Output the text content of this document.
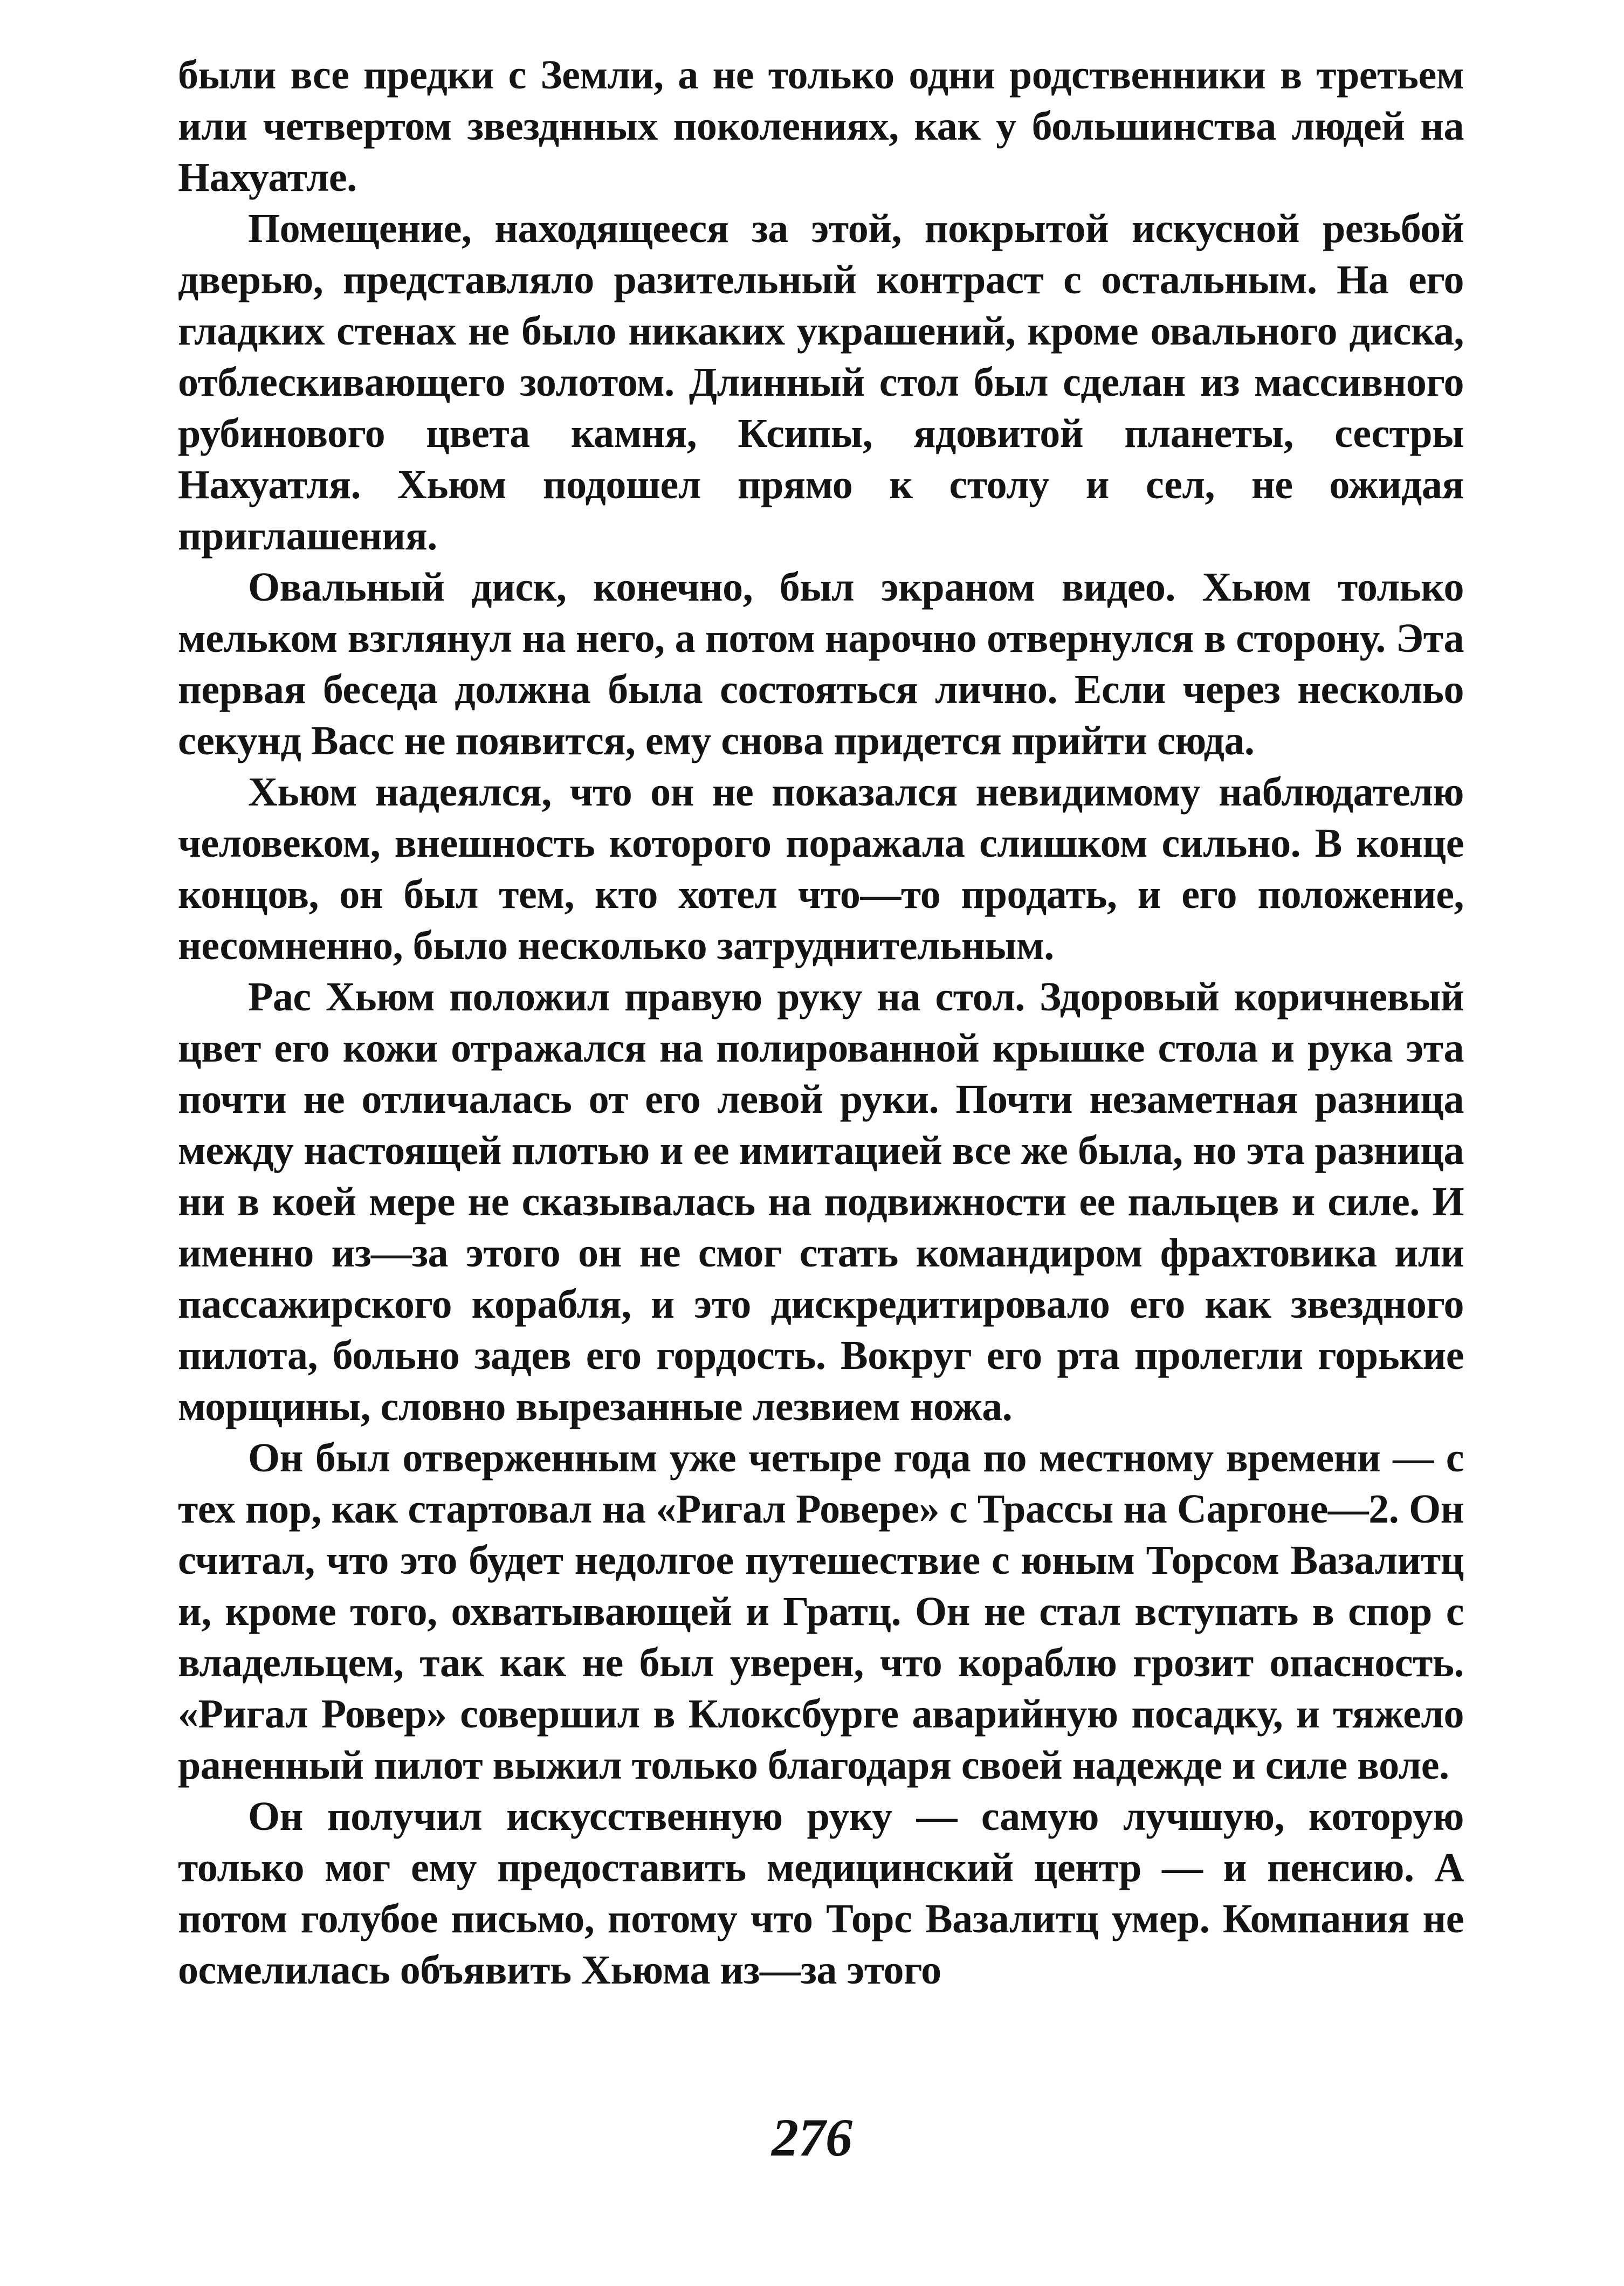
были все предки с Земли, а не только одни родственники в третьем или четвертом звезднных поколениях, как у большинства людей на Нахуатле.

Помещение, находящееся за этой, покрытой искусной резьбой дверью, представляло разительный контраст с остальным. На его гладких стенах не было никаких украшений, кроме овального диска, отблескивающего золотом. Длинный стол был сделан из массивного рубинового цвета камня, Ксипы, ядовитой планеты, сестры Нахуатля. Хьюм подошел прямо к столу и сел, не ожидая приглашения.

Овальный диск, конечно, был экраном видео. Хьюм только мельком взглянул на него, а потом нарочно отвернулся в сторону. Эта первая беседа должна была состояться лично. Если через нескольо секунд Васс не появится, ему снова придется прийти сюда.

Хьюм надеялся, что он не показался невидимому наблюдателю человеком, внешность которого поражала слишком сильно. В конце концов, он был тем, кто хотел что—то продать, и его положение, несомненно, было несколько затруднительным.

Рас Хьюм положил правую руку на стол. Здоровый коричневый цвет его кожи отражался на полированной крышке стола и рука эта почти не отличалась от его левой руки. Почти незаметная разница между настоящей плотью и ее имитацией все же была, но эта разница ни в коей мере не сказывалась на подвижности ее пальцев и силе. И именно из—за этого он не смог стать командиром фрахтовика или пассажирского корабля, и это дискредитировало его как звездного пилота, больно задев его гордость. Вокруг его рта пролегли горькие морщины, словно вырезанные лезвием ножа.

Он был отверженным уже четыре года по местному времени — с тех пор, как стартовал на «Ригал Ровере» с Трассы на Саргоне—2. Он считал, что это будет недолгое путешествие с юным Торсом Вазалитц и, кроме того, охватывающей и Гратц. Он не стал вступать в спор с владельцем, так как не был уверен, что кораблю грозит опасность. «Ригал Ровер» совершил в Клоксбурге аварийную посадку, и тяжело раненный пилот выжил только благодаря своей надежде и силе воле.

Он получил искусственную руку — самую лучшую, которую только мог ему предоставить медицинский центр — и пенсию. А потом голубое письмо, потому что Торс Вазалитц умер. Компания не осмелилась объявить Хьюма из—за этого

276
